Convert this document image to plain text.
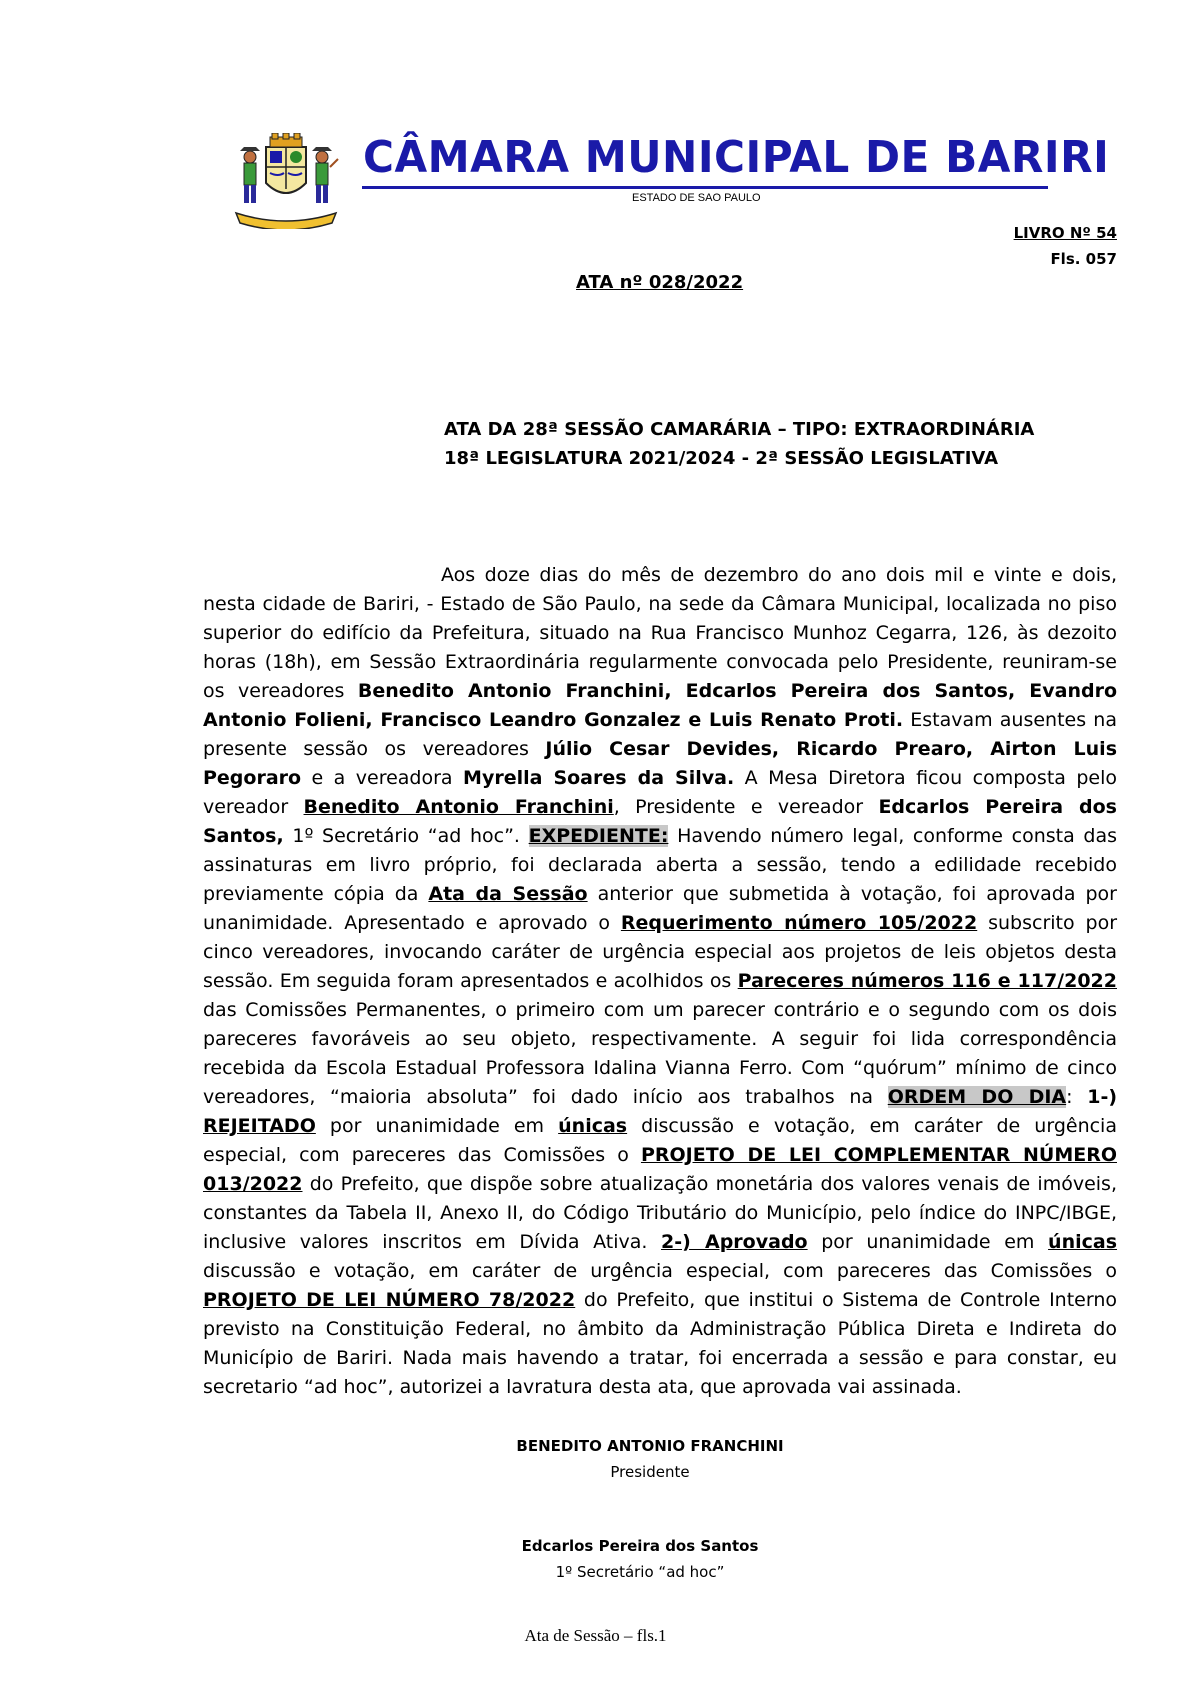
CÂMARA MUNICIPAL DE BARIRI
ESTADO DE SAO PAULO
LIVRO Nº 54
Fls. 057
ATA nº 028/2022
ATA DA 28ª SESSÃO CAMARÁRIA – TIPO: EXTRAORDINÁRIA
18ª LEGISLATURA 2021/2024 - 2ª SESSÃO LEGISLATIVA
Aos doze dias do mês de dezembro do ano dois mil e vinte e dois, nesta cidade de Bariri, - Estado de São Paulo, na sede da Câmara Municipal, localizada no piso superior do edifício da Prefeitura, situado na Rua Francisco Munhoz Cegarra, 126, às dezoito horas (18h), em Sessão Extraordinária regularmente convocada pelo Presidente, reuniram-se os vereadores Benedito Antonio Franchini, Edcarlos Pereira dos Santos, Evandro Antonio Folieni, Francisco Leandro Gonzalez e Luis Renato Proti. Estavam ausentes na presente sessão os vereadores Júlio Cesar Devides, Ricardo Prearo, Airton Luis Pegoraro e a vereadora Myrella Soares da Silva. A Mesa Diretora ficou composta pelo vereador Benedito Antonio Franchini, Presidente e vereador Edcarlos Pereira dos Santos, 1º Secretário “ad hoc”. EXPEDIENTE: Havendo número legal, conforme consta das assinaturas em livro próprio, foi declarada aberta a sessão, tendo a edilidade recebido previamente cópia da Ata da Sessão anterior que submetida à votação, foi aprovada por unanimidade. Apresentado e aprovado o Requerimento número 105/2022 subscrito por cinco vereadores, invocando caráter de urgência especial aos projetos de leis objetos desta sessão. Em seguida foram apresentados e acolhidos os Pareceres números 116 e 117/2022 das Comissões Permanentes, o primeiro com um parecer contrário e o segundo com os dois pareceres favoráveis ao seu objeto, respectivamente. A seguir foi lida correspondência recebida da Escola Estadual Professora Idalina Vianna Ferro. Com “quórum” mínimo de cinco vereadores, “maioria absoluta” foi dado início aos trabalhos na ORDEM DO DIA: 1-) REJEITADO por unanimidade em únicas discussão e votação, em caráter de urgência especial, com pareceres das Comissões o PROJETO DE LEI COMPLEMENTAR NÚMERO 013/2022 do Prefeito, que dispõe sobre atualização monetária dos valores venais de imóveis, constantes da Tabela II, Anexo II, do Código Tributário do Município, pelo índice do INPC/IBGE, inclusive valores inscritos em Dívida Ativa. 2-) Aprovado por unanimidade em únicas discussão e votação, em caráter de urgência especial, com pareceres das Comissões o PROJETO DE LEI NÚMERO 78/2022 do Prefeito, que institui o Sistema de Controle Interno previsto na Constituição Federal, no âmbito da Administração Pública Direta e Indireta do Município de Bariri. Nada mais havendo a tratar, foi encerrada a sessão e para constar, eu secretario “ad hoc”, autorizei a lavratura desta ata, que aprovada vai assinada.
BENEDITO ANTONIO FRANCHINI
Presidente
Edcarlos Pereira dos Santos
1º Secretário “ad hoc”
Ata de Sessão – fls.1
